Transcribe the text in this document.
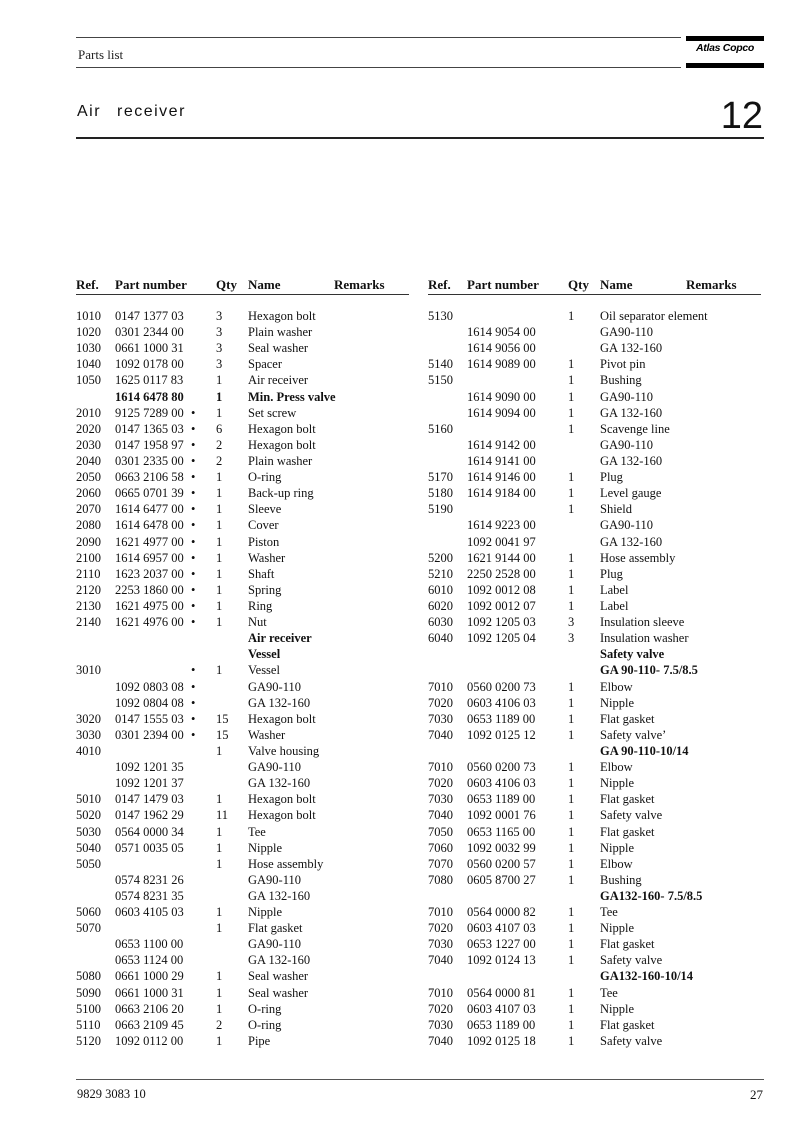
Parts list	Atlas Copco
Air receiver	12
Ref. Part number Qty Name	Remarks
1010 0147 1377 03	3 Hexagon bolt
1020 0301 2344 00	3 Plain washer
1030 0661 1000 31	3 Seal washer
1040 1092 0178 00	3 Spacer
1050 1625 0117 83	1 Air receiver
1614 6478 80	1 Min. Press valve
2010 9125 7289 00 • 1 Set screw
2020 0147 1365 03 • 6 Hexagon bolt
2030 0147 1958 97 • 2 Hexagon bolt
2040 0301 2335 00 • 2 Plain washer
2050 0663 2106 58 • 1 O-ring
2060 0665 0701 39 • 1 Back-up ring
2070 1614 6477 00 • 1 Sleeve
2080 1614 6478 00 • 1 Cover
2090 1621 4977 00 • 1 Piston
2100 1614 6957 00 • 1 Washer
2110 1623 2037 00 • 1 Shaft
2120 2253 1860 00 • 1 Spring
2130 1621 4975 00 • 1 Ring
2140 1621 4976 00 • 1 Nut
Air receiver
Vessel
3010	• 1 Vessel
1092 0803 08 •	GA90-110
1092 0804 08 •	GA 132-160
3020 0147 1555 03 • 15 Hexagon bolt
3030 0301 2394 00 • 15 Washer
4010	1 Valve housing
1092 1201 35	GA90-110
1092 1201 37	GA 132-160
5010 0147 1479 03	1 Hexagon bolt
5020 0147 1962 29	11 Hexagon bolt
5030 0564 0000 34	1 Tee
5040 0571 0035 05	1 Nipple
5050	1 Hose assembly
0574 8231 26	GA90-110
0574 8231 35	GA 132-160
5060 0603 4105 03	1 Nipple
5070	1 Flat gasket
0653 1100 00	GA90-110
0653 1124 00	GA 132-160
5080 0661 1000 29	1 Seal washer
5090 0661 1000 31	1 Seal washer
5100 0663 2106 20	1 O-ring
5110 0663 2109 45	2 O-ring
5120 1092 0112 00	1 Pipe
Ref. Part number Qty Name	Remarks
5130	1 Oil separator element
1614 9054 00	GA90-110
1614 9056 00	GA 132-160
5140 1614 9089 00	1 Pivot pin
5150	1 Bushing
1614 9090 00	1 GA90-110
1614 9094 00	1 GA 132-160
5160	1 Scavenge line
1614 9142 00	GA90-110
1614 9141 00	GA 132-160
5170 1614 9146 00	1 Plug
5180 1614 9184 00	1 Level gauge
5190	1 Shield
1614 9223 00	GA90-110
1092 0041 97	GA 132-160
5200 1621 9144 00	1 Hose assembly
5210 2250 2528 00	1 Plug
6010 1092 0012 08	1 Label
6020 1092 0012 07	1 Label
6030 1092 1205 03	3 Insulation sleeve
6040 1092 1205 04	3 Insulation washer
Safety valve
GA 90-110- 7.5/8.5
7010 0560 0200 73	1 Elbow
7020 0603 4106 03	1 Nipple
7030 0653 1189 00	1 Flat gasket
7040 1092 0125 12	1 Safety valve’
GA 90-110-10/14
7010 0560 0200 73	1 Elbow
7020 0603 4106 03	1 Nipple
7030 0653 1189 00	1 Flat gasket
7040 1092 0001 76	1 Safety valve
7050 0653 1165 00	1 Flat gasket
7060 1092 0032 99	1 Nipple
7070 0560 0200 57	1 Elbow
7080 0605 8700 27	1 Bushing
GA132-160- 7.5/8.5
7010 0564 0000 82	1 Tee
7020 0603 4107 03	1 Nipple
7030 0653 1227 00	1 Flat gasket
7040 1092 0124 13	1 Safety valve
GA132-160-10/14
7010 0564 0000 81	1 Tee
7020 0603 4107 03	1 Nipple
7030 0653 1189 00	1 Flat gasket
7040 1092 0125 18	1 Safety valve
9829 3083 10	27
